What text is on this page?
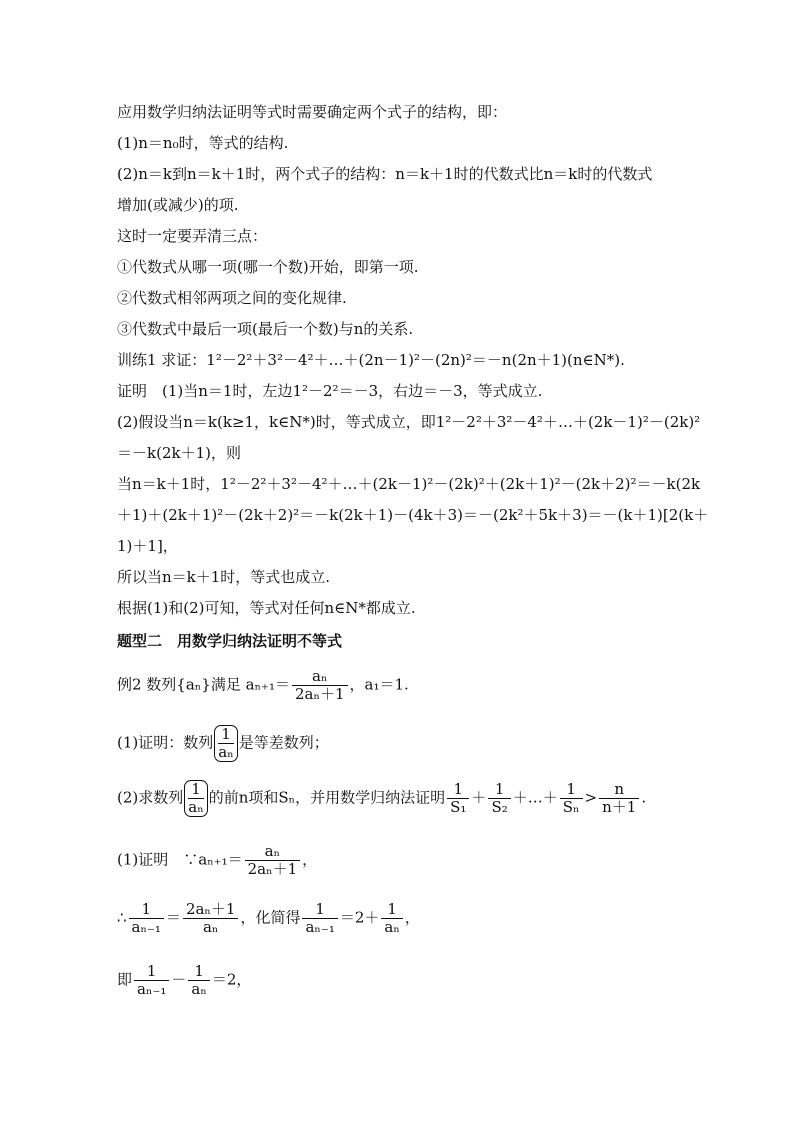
应用数学归纳法证明等式时需要确定两个式子的结构，即：
(1)n＝n₀时，等式的结构.
(2)n＝k到n＝k＋1时，两个式子的结构：n＝k＋1时的代数式比n＝k时的代数式
增加(或减少)的项.
这时一定要弄清三点：
①代数式从哪一项(哪一个数)开始，即第一项.
②代数式相邻两项之间的变化规律.
③代数式中最后一项(最后一个数)与n的关系.
训练1 求证：1²－2²＋3²－4²＋…＋(2n－1)²－(2n)²＝－n(2n＋1)(n∈N*).
证明　(1)当n＝1时，左边1²－2²＝－3，右边＝－3，等式成立.
(2)假设当n＝k(k≥1，k∈N*)时，等式成立，即1²－2²＋3²－4²＋…＋(2k－1)²－(2k)²
＝－k(2k＋1)，则
当n＝k＋1时，1²－2²＋3²－4²＋…＋(2k－1)²－(2k)²＋(2k＋1)²－(2k＋2)²＝－k(2k
＋1)＋(2k＋1)²－(2k＋2)²＝－k(2k＋1)－(4k＋3)＝－(2k²＋5k＋3)＝－(k＋1)[2(k＋
1)＋1]，
所以当n＝k＋1时，等式也成立.
根据(1)和(2)可知，等式对任何n∈N*都成立.
题型二　用数学归纳法证明不等式
例2 数列{aₙ}满足 $a_{n+1}= \frac{\text{aₙ}}{\text{2aₙ＋1}}$ ，a₁＝1.
(1)证明：数列 $\frac{1}{\text{aₙ}}$ 是等差数列；
(2)求数列 $\frac{1}{\text{aₙ}}$ 的前n项和Sₙ，并用数学归纳法证明 $\frac{1}{\text{S₁}} + \frac{1}{\text{S₂}}$ ＋…＋ $\frac{1}{\text{Sₙ}} > \frac{n}{n+1}$ .
(1)证明　∵aₙ₊₁＝ $\frac{\text{aₙ}}{\text{2aₙ＋1}}$ ，
∴ $\frac{1}{\text{aₙ₋₁}} = \frac{\text{2aₙ＋1}}{\text{aₙ}}$ ，化简得 $\frac{1}{\text{aₙ₋₁}} =2+ \frac{1}{\text{aₙ}}$ ，
即 $\frac{1}{\text{aₙ₋₁}} - \frac{1}{\text{aₙ}} =2$，
